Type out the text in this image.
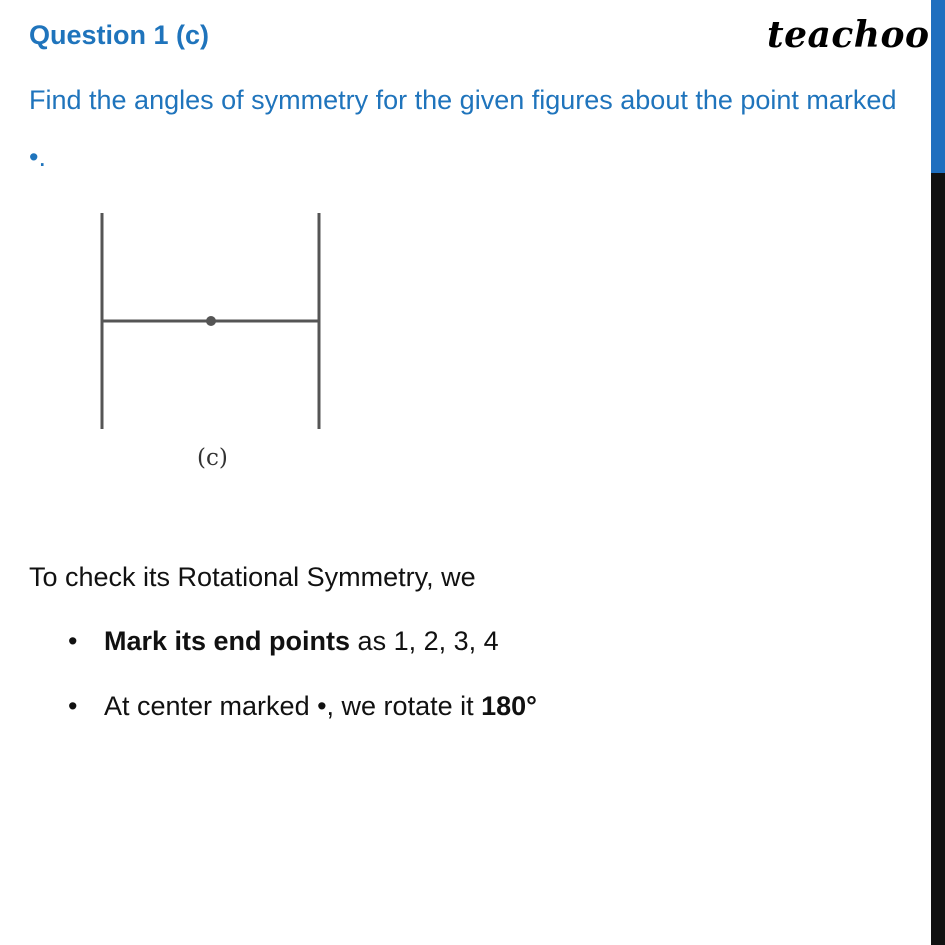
Question 1 (c)	teachoo
Find the angles of symmetry for the given figures about the point marked •.
(c)
To check its Rotational Symmetry, we
• Mark its end points as 1, 2, 3, 4
• At center marked •, we rotate it 180°
